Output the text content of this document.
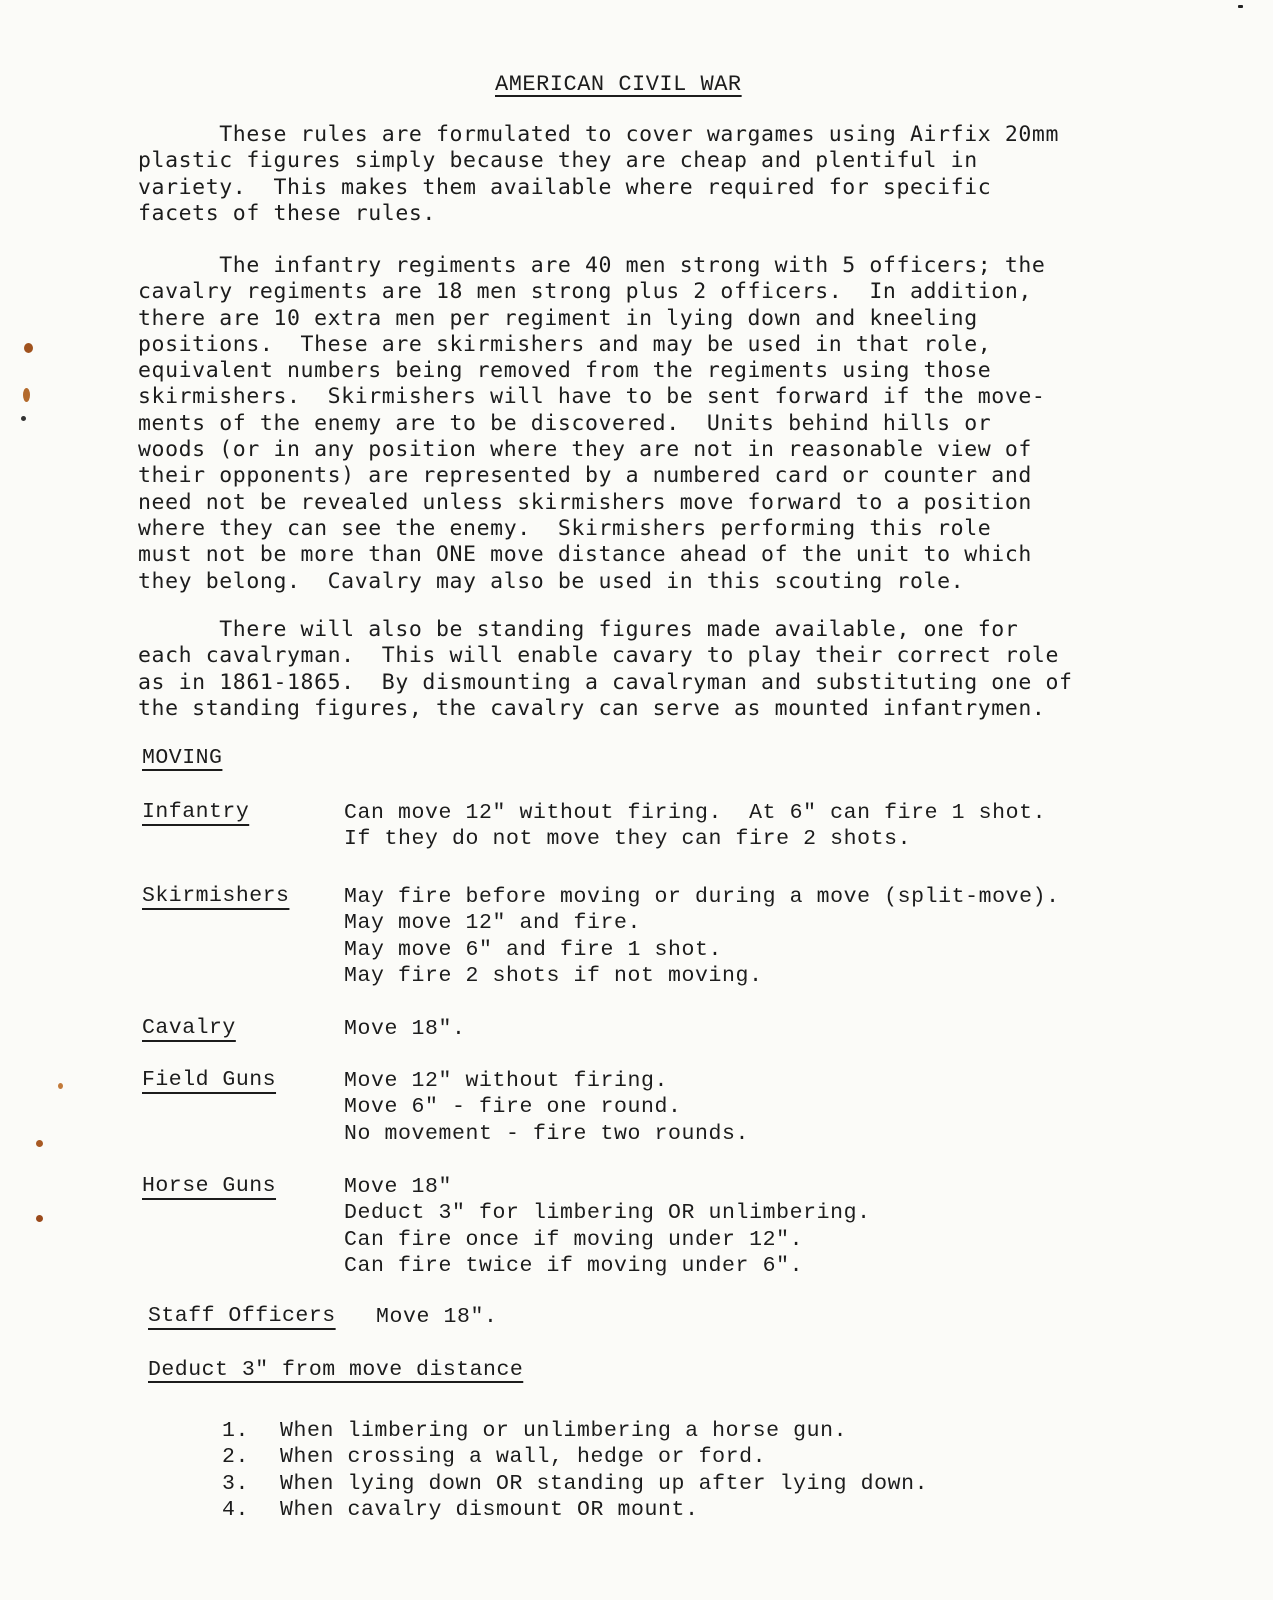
AMERICAN CIVIL WAR
These rules are formulated to cover wargames using Airfix 20mm
plastic figures simply because they are cheap and plentiful in
variety.  This makes them available where required for specific
facets of these rules.
The infantry regiments are 40 men strong with 5 officers; the
cavalry regiments are 18 men strong plus 2 officers.  In addition,
there are 10 extra men per regiment in lying down and kneeling
positions.  These are skirmishers and may be used in that role,
equivalent numbers being removed from the regiments using those
skirmishers.  Skirmishers will have to be sent forward if the move-
ments of the enemy are to be discovered.  Units behind hills or
woods (or in any position where they are not in reasonable view of
their opponents) are represented by a numbered card or counter and
need not be revealed unless skirmishers move forward to a position
where they can see the enemy.  Skirmishers performing this role
must not be more than ONE move distance ahead of the unit to which
they belong.  Cavalry may also be used in this scouting role.
There will also be standing figures made available, one for
each cavalryman.  This will enable cavary to play their correct role
as in 1861-1865.  By dismounting a cavalryman and substituting one of
the standing figures, the cavalry can serve as mounted infantrymen.
MOVING
Infantry	Can move 12" without firing.  At 6" can fire 1 shot.
If they do not move they can fire 2 shots.
Skirmishers	May fire before moving or during a move (split-move).
May move 12" and fire.
May move 6" and fire 1 shot.
May fire 2 shots if not moving.
Cavalry	Move 18".
Field Guns	Move 12" without firing.
Move 6" - fire one round.
No movement - fire two rounds.
Horse Guns	Move 18"
Deduct 3" for limbering OR unlimbering.
Can fire once if moving under 12".
Can fire twice if moving under 6".
Staff Officers Move 18".
Deduct 3" from move distance
1.	When limbering or unlimbering a horse gun.
2.	When crossing a wall, hedge or ford.
3.	When lying down OR standing up after lying down.
4.	When cavalry dismount OR mount.
